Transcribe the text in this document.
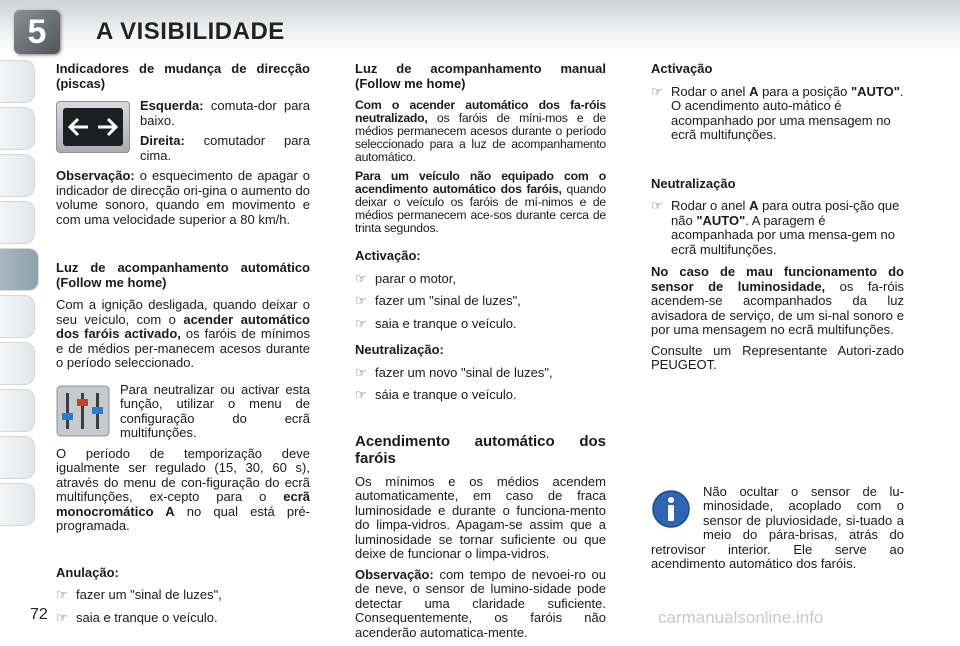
5	A VISIBILIDADE

Indicadores de mudança de direcção (piscas)

Esquerda: comuta-dor para baixo.

Direita: comutador para cima.

Observação: o esquecimento de apagar o indicador de direcção ori-gina o aumento do volume sonoro, quando em movimento e com uma velocidade superior a 80 km/h.

Luz de acompanhamento automático (Follow me home)

Com a ignição desligada, quando deixar o seu veículo, com o acender automático dos faróis activado, os faróis de mínimos e de médios per-manecem acesos durante o período seleccionado.

Para neutralizar ou activar esta função, utilizar o menu de configuração do ecrã multifunções.

O período de temporização deve igualmente ser regulado (15, 30, 60 s), através do menu de con-figuração do ecrã multifunções, ex-cepto para o ecrã monocromático A no qual está pré-programada.

Anulação:

☞ fazer um "sinal de luzes",
☞ saia e tranque o veículo.

Luz de acompanhamento manual (Follow me home)

Com o acender automático dos fa-róis neutralizado, os faróis de míni-mos e de médios permanecem acesos durante o período seleccionado para a luz de acompanhamento automático.

Para um veículo não equipado com o acendimento automático dos faróis, quando deixar o veículo os faróis de mí-nimos e de médios permanecem ace-sos durante cerca de trinta segundos.

Activação:

☞ parar o motor,
☞ fazer um "sinal de luzes",
☞ saia e tranque o veículo.

Neutralização:

☞ fazer um novo "sinal de luzes",
☞ sáia e tranque o veículo.

Acendimento automático dos faróis

Os mínimos e os médios acendem automaticamente, em caso de fraca luminosidade e durante o funciona-mento do limpa-vidros. Apagam-se assim que a luminosidade se tornar suficiente ou que deixe de funcionar o limpa-vidros.

Observação: com tempo de nevoei-ro ou de neve, o sensor de lumino-sidade pode detectar uma claridade suficiente. Consequentemente, os faróis não acenderão automatica-mente.

Activação

☞ Rodar o anel A para a posição "AUTO". O acendimento auto-mático é acompanhado por uma mensagem no ecrã multifunções.

Neutralização

☞ Rodar o anel A para outra posi-ção que não "AUTO". A paragem é acompanhada por uma mensa-gem no ecrã multifunções.

No caso de mau funcionamento do sensor de luminosidade, os fa-róis acendem-se acompanhados da luz avisadora de serviço, de um si-nal sonoro e por uma mensagem no ecrã multifunções.

Consulte um Representante Autori-zado PEUGEOT.

Não ocultar o sensor de lu-minosidade, acoplado com o sensor de pluviosidade, si-tuado a meio do pára-brisas, atrás do retrovisor interior. Ele serve ao acendimento automático dos faróis.

72	carmanualsonline.info
